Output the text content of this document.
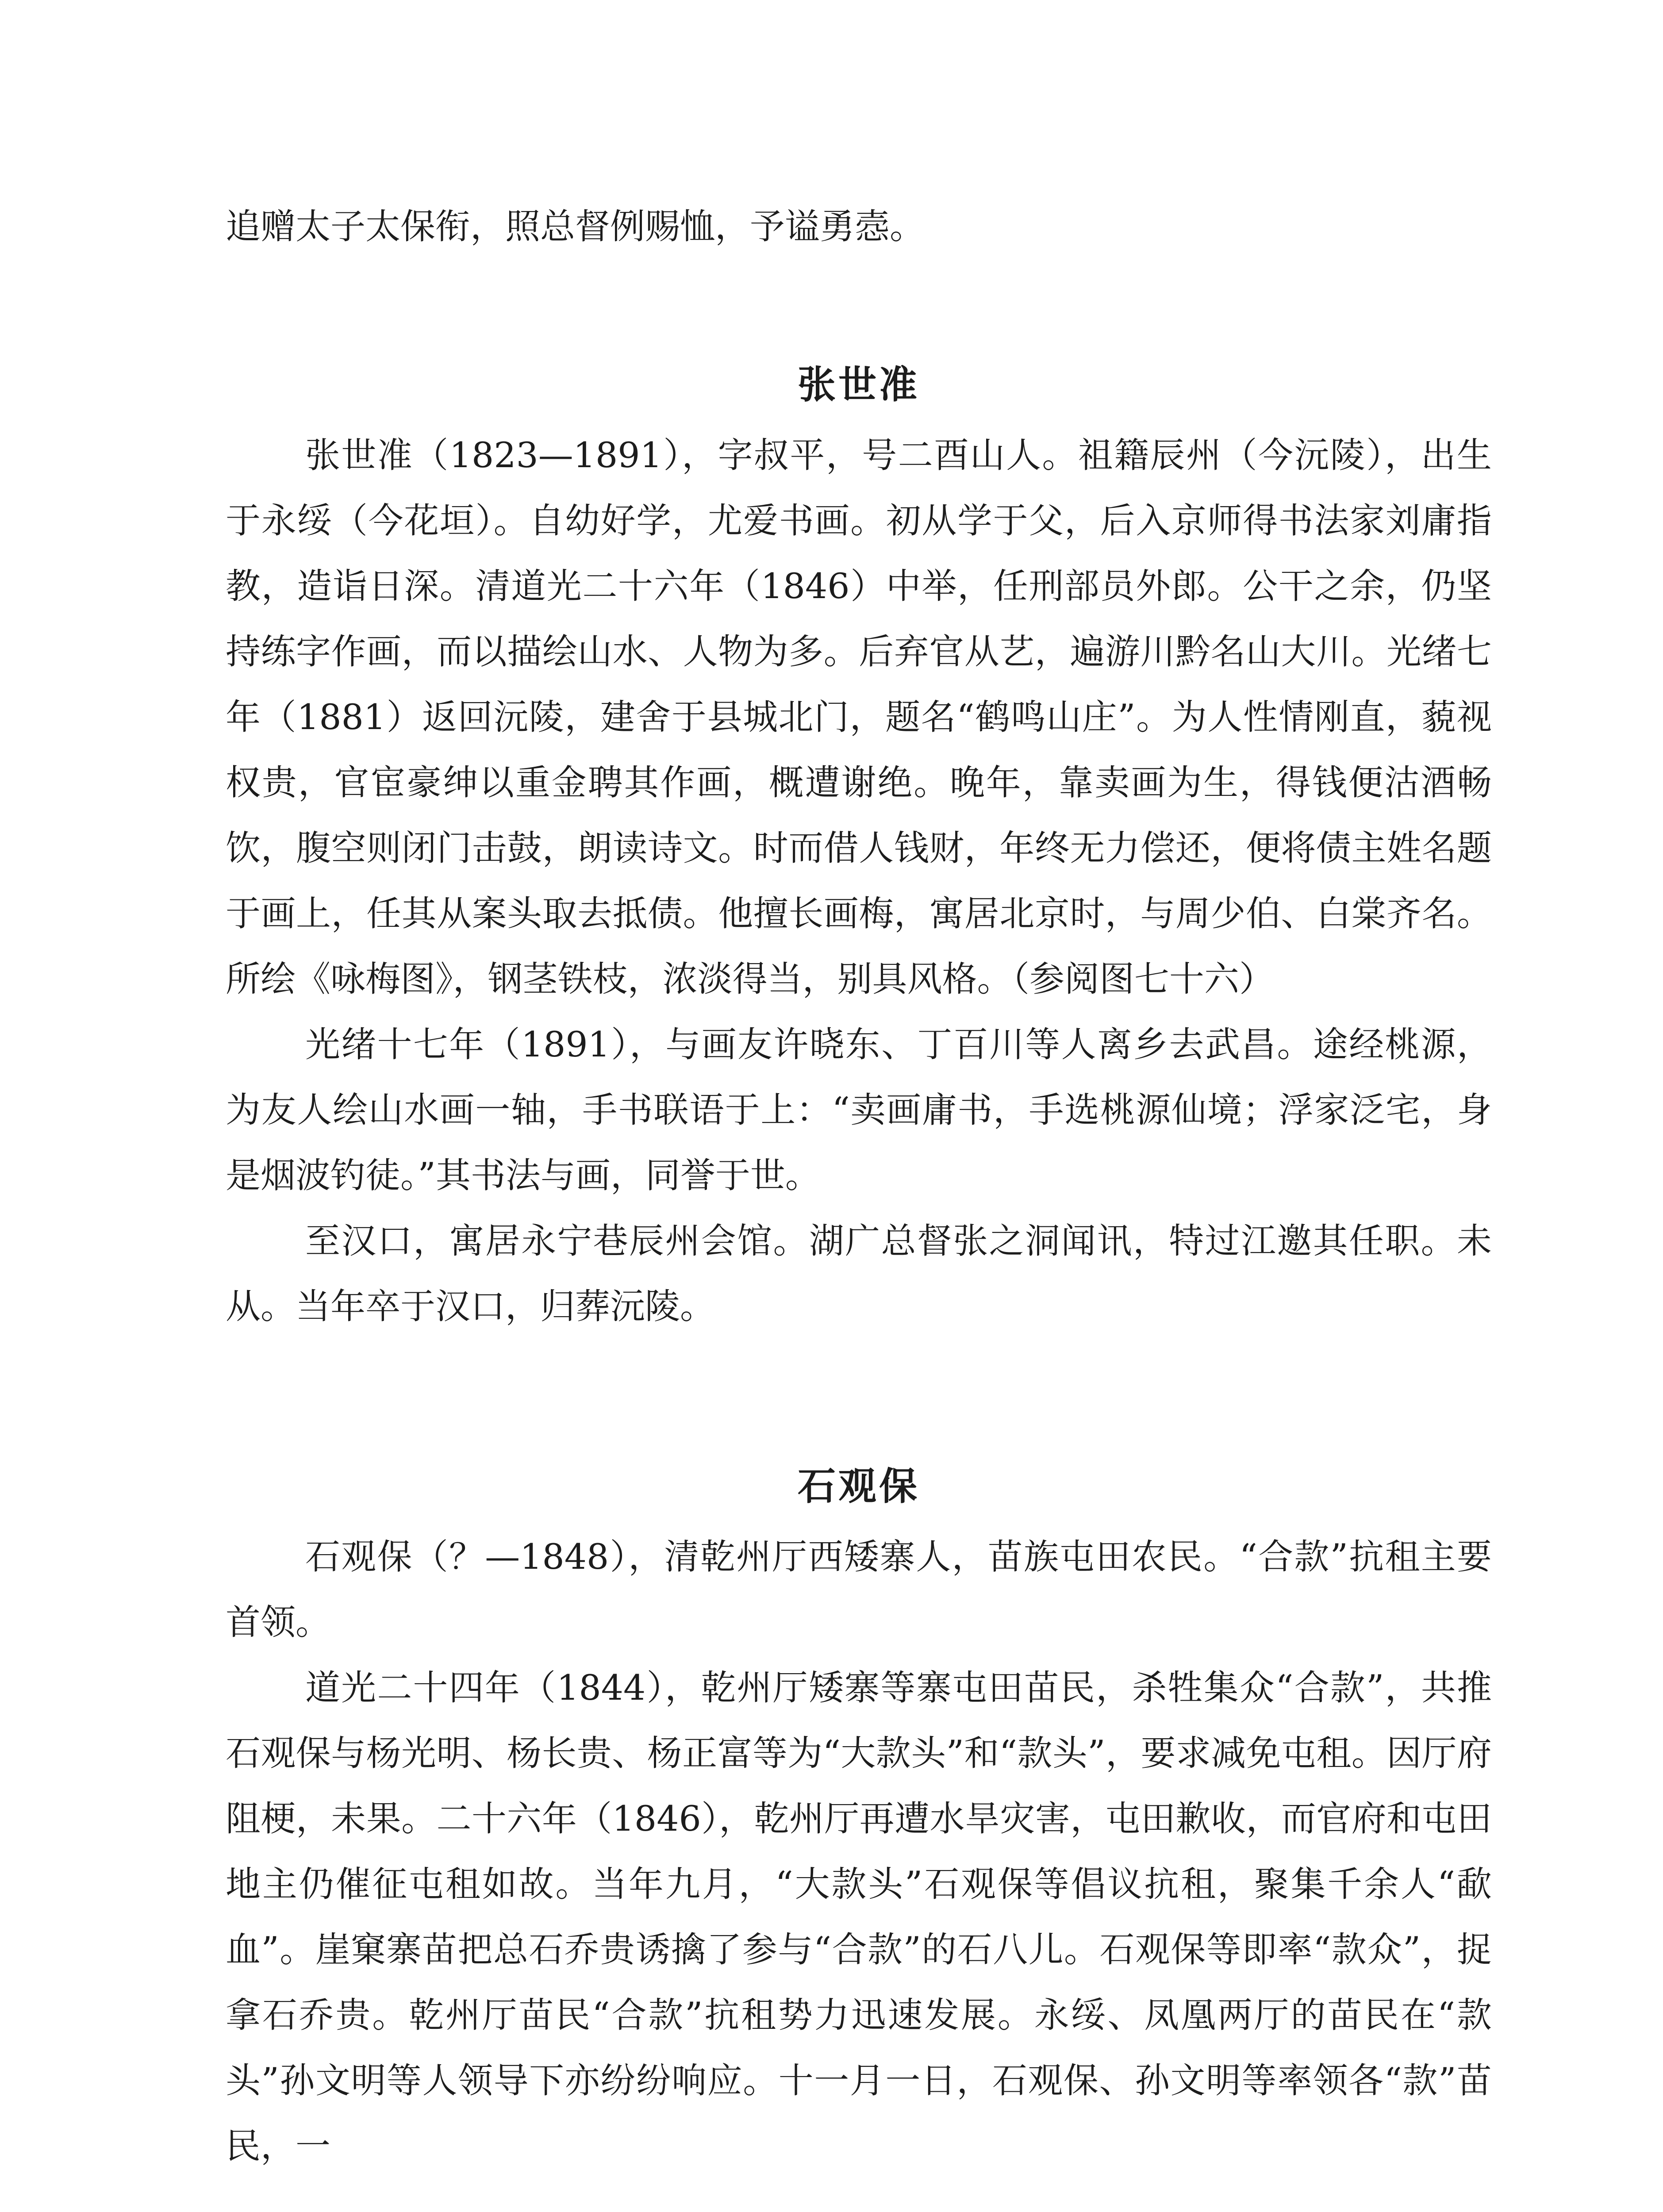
追赠太子太保衔，照总督例赐恤，予谥勇悫。

张世准

张世准（1823—1891），字叔平，号二酉山人。祖籍辰州（今沅陵），出生于永绥（今花垣）。自幼好学，尤爱书画。初从学于父，后入京师得书法家刘庸指教，造诣日深。清道光二十六年（1846）中举，任刑部员外郎。公干之余，仍坚持练字作画，而以描绘山水、人物为多。后弃官从艺，遍游川黔名山大川。光绪七年（1881）返回沅陵，建舍于县城北门，题名“鹤鸣山庄”。为人性情刚直，藐视权贵，官宦豪绅以重金聘其作画，概遭谢绝。晚年，靠卖画为生，得钱便沽酒畅饮，腹空则闭门击鼓，朗读诗文。时而借人钱财，年终无力偿还，便将债主姓名题于画上，任其从案头取去抵债。他擅长画梅，寓居北京时，与周少伯、白棠齐名。所绘《咏梅图》，钢茎铁枝，浓淡得当，别具风格。（参阅图七十六）

光绪十七年（1891），与画友许晓东、丁百川等人离乡去武昌。途经桃源，为友人绘山水画一轴，手书联语于上：“卖画庸书，手选桃源仙境；浮家泛宅，身是烟波钓徒。”其书法与画，同誉于世。

至汉口，寓居永宁巷辰州会馆。湖广总督张之洞闻讯，特过江邀其任职。未从。当年卒于汉口，归葬沅陵。

石观保

石观保（？—1848），清乾州厅西矮寨人，苗族屯田农民。“合款”抗租主要首领。

道光二十四年（1844），乾州厅矮寨等寨屯田苗民，杀牲集众“合款”，共推石观保与杨光明、杨长贵、杨正富等为“大款头”和“款头”，要求减免屯租。因厅府阻梗，未果。二十六年（1846），乾州厅再遭水旱灾害，屯田歉收，而官府和屯田地主仍催征屯租如故。当年九月，“大款头”石观保等倡议抗租，聚集千余人“歃血”。崖窠寨苗把总石乔贵诱擒了参与“合款”的石八儿。石观保等即率“款众”，捉拿石乔贵。乾州厅苗民“合款”抗租势力迅速发展。永绥、凤凰两厅的苗民在“款头”孙文明等人领导下亦纷纷响应。十一月一日，石观保、孙文明等率领各“款”苗民，一
